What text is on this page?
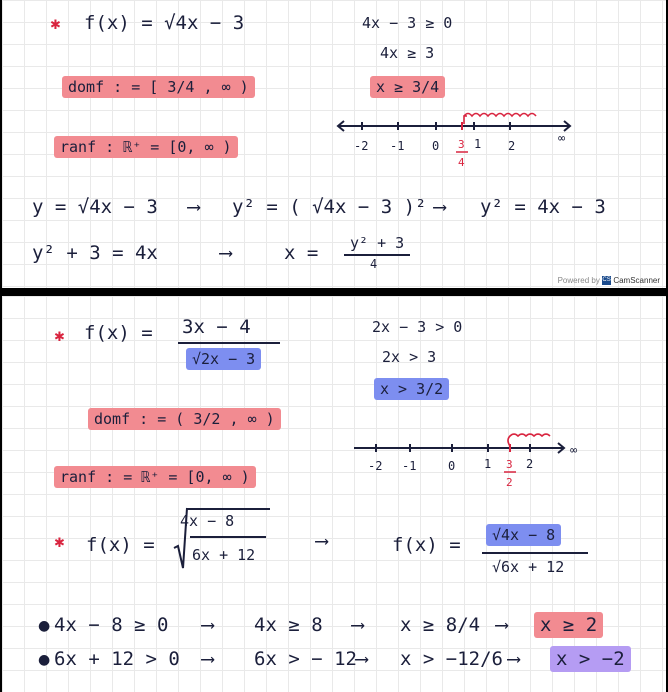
✱ f(x) = √4x − 3	4x − 3 ≥ 0
4x ≥ 3
x ≥ 3/4
domf : = [ 3/4 , ∞ )
ranf : ℝ⁺ = [0, ∞ )	-2 -1 0 3
4
1 2
∞
y = √4x − 3 ⟶ y² = ( √4x − 3 )² ⟶ y² = 4x − 3
y² + 3 = 4x	⟶	x = y² + 3
4
Powered by CS CamScanner
✱ f(x) = 3x − 4
√2x − 3
2x − 3 > 0
2x > 3
x > 3/2
domf : = ( 3/2 , ∞ )
ranf : = ℝ⁺ = [0, ∞ )
-2 -1	0 1 3
2
2
∞
✱ f(x) =
4x − 8
6x + 12
⟶	f(x) =	√4x − 8
√6x + 12
● 4x − 8 ≥ 0 ⟶ 4x ≥ 8 ⟶ x ≥ 8/4 ⟶	x ≥ 2
● 6x + 12 > 0 ⟶ 6x > − 12 ⟶ x > −12/6 ⟶	x > −2
